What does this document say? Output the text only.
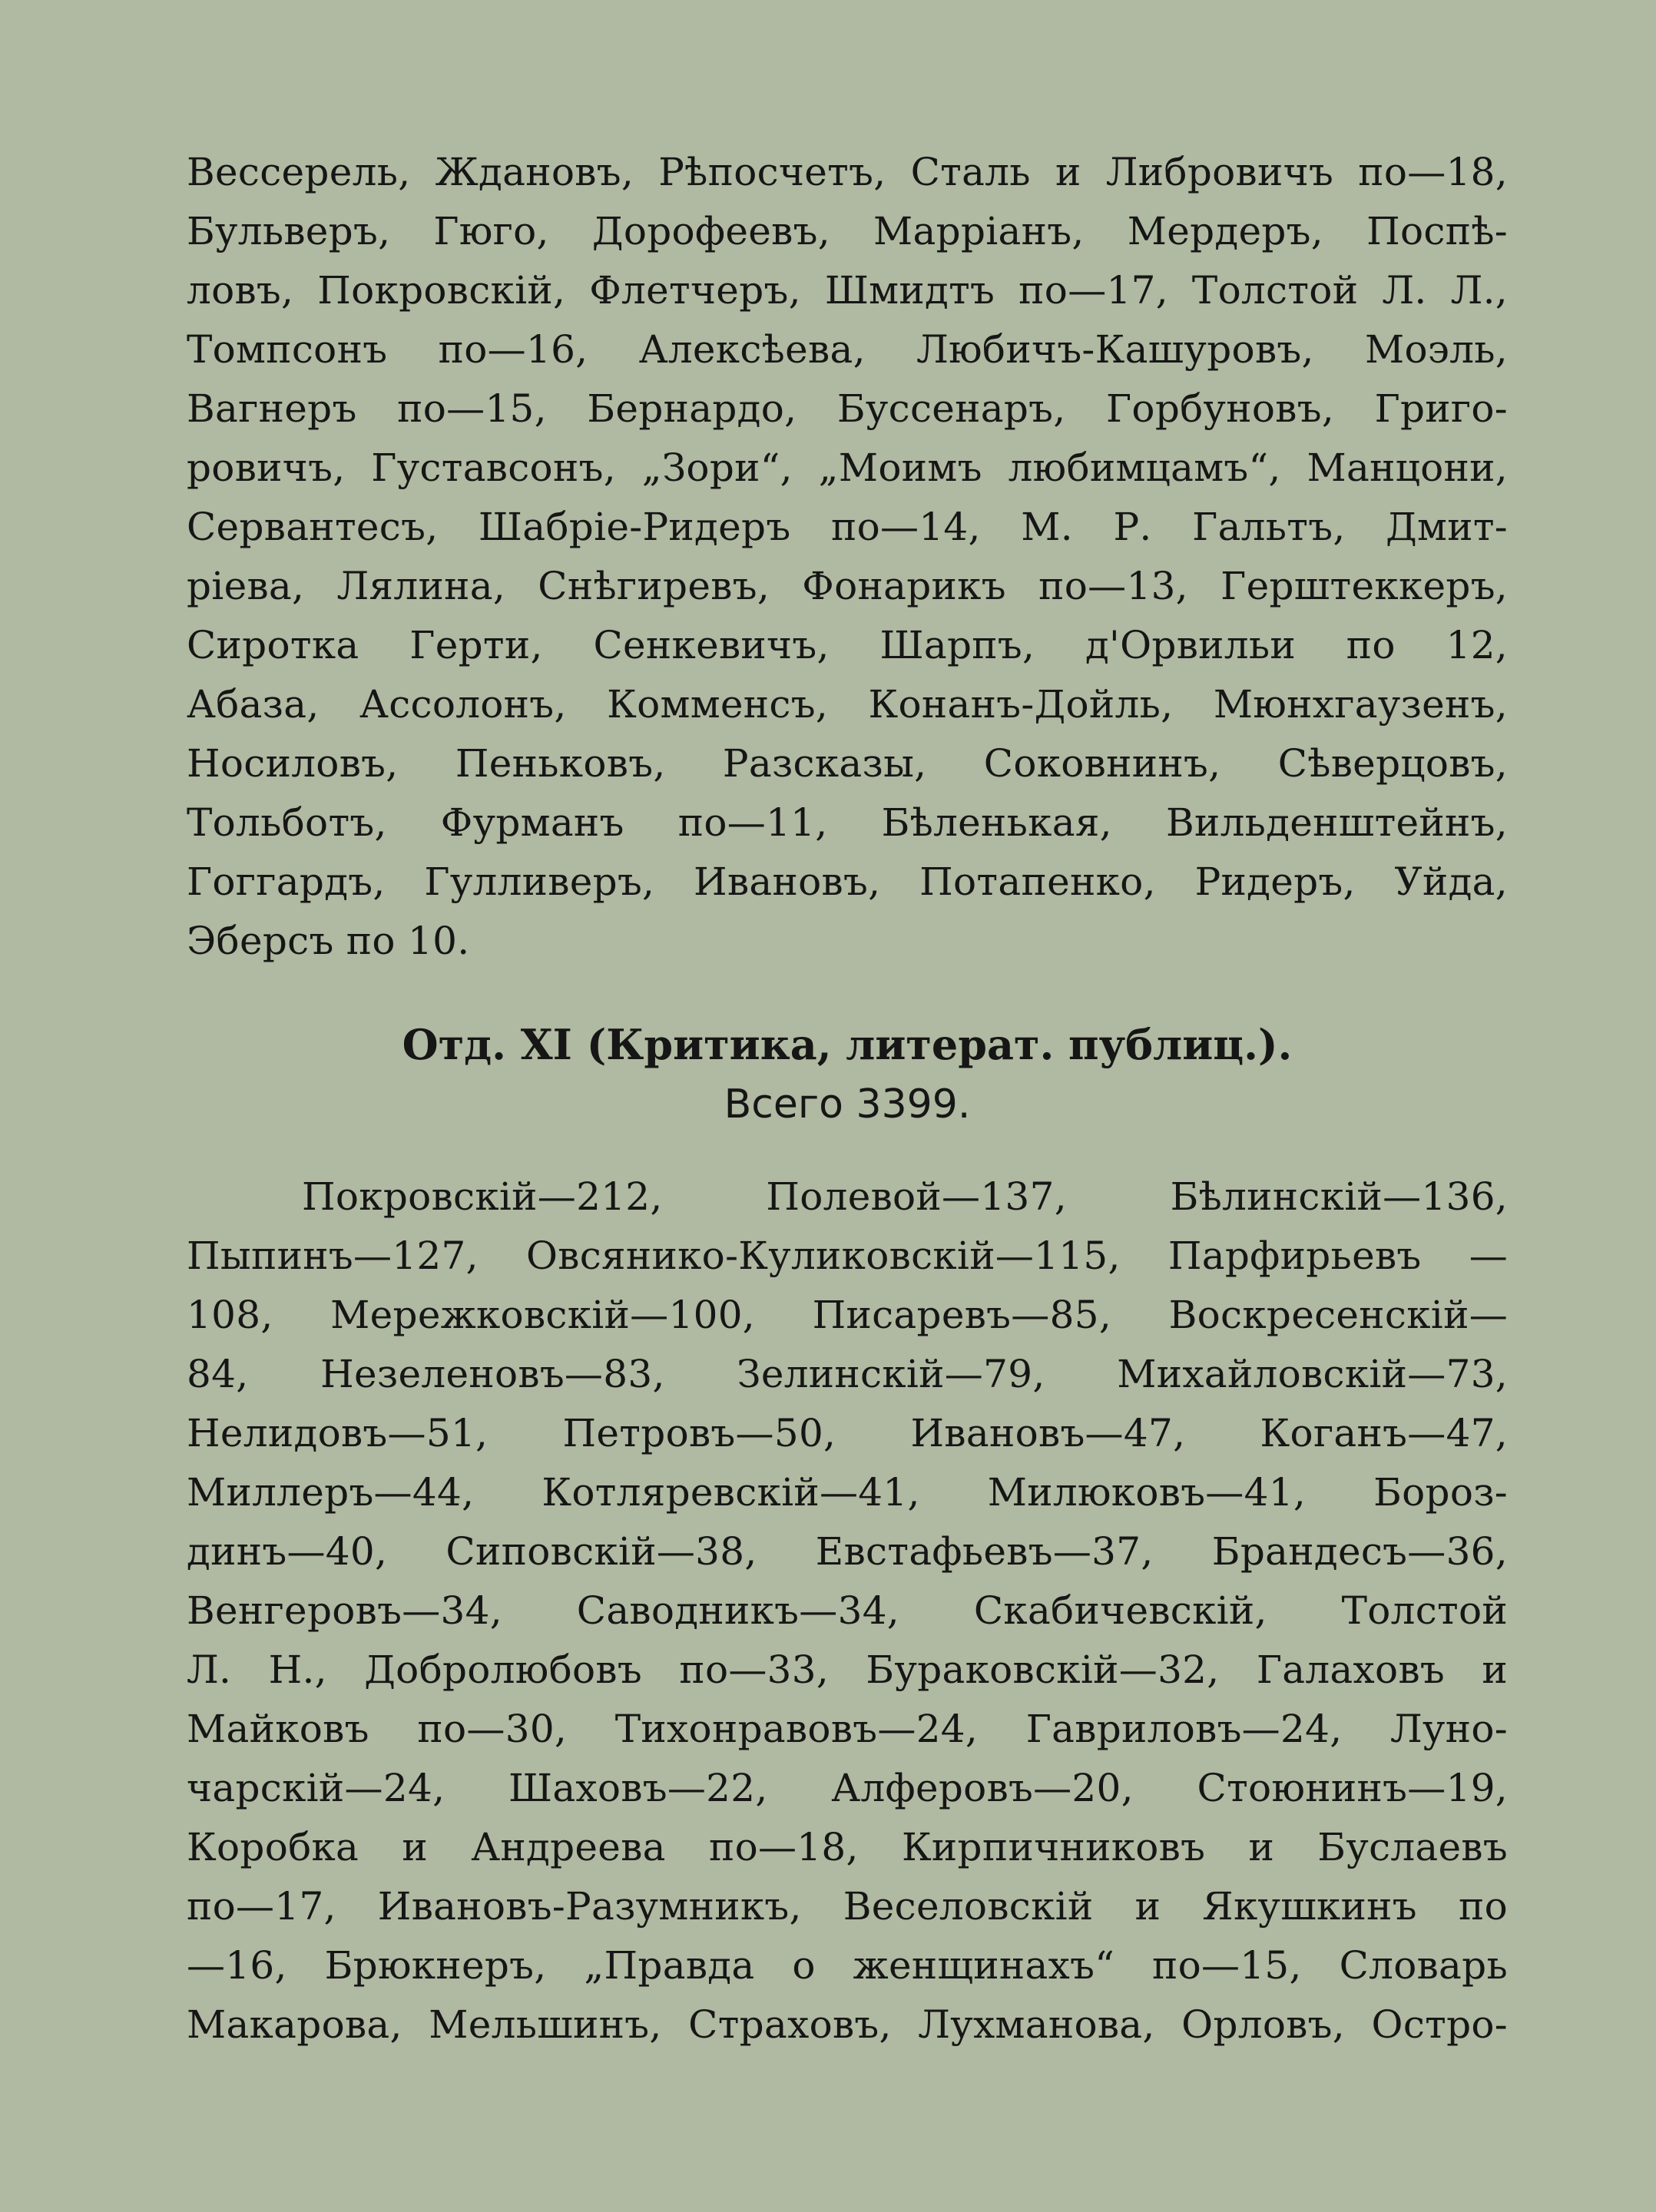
Вессерель, Ждановъ, Рѣпосчетъ, Сталь и Либровичъ по—18,
Бульверъ, Гюго, Дорофеевъ, Марріанъ, Мердеръ, Поспѣ-
ловъ, Покровскій, Флетчеръ, Шмидтъ по—17, Толстой Л. Л.,
Томпсонъ по—16, Алексѣева, Любичъ-Кашуровъ, Моэль,
Вагнеръ по—15, Бернардо, Буссенаръ, Горбуновъ, Григо-
ровичъ, Густавсонъ, „Зори“, „Моимъ любимцамъ“, Манцони,
Сервантесъ, Шабріе-Ридеръ по—14, М. Р. Гальтъ, Дмит-
ріева, Лялина, Снѣгиревъ, Фонарикъ по—13, Герштеккеръ,
Сиротка Герти, Сенкевичъ, Шарпъ, д'Орвильи по 12,
Абаза, Ассолонъ, Комменсъ, Конанъ-Дойль, Мюнхгаузенъ,
Носиловъ, Пеньковъ, Разсказы, Соковнинъ, Сѣверцовъ,
Тольботъ, Фурманъ по—11, Бѣленькая, Вильденштейнъ,
Гоггардъ, Гулливеръ, Ивановъ, Потапенко, Ридеръ, Уйда,
Эберсъ по 10.
Отд. XI (Критика, литерат. публиц.).
Всего 3399.
Покровскій—212, Полевой—137, Бѣлинскій—136,
Пыпинъ—127, Овсянико-Куликовскій—115, Парфирьевъ —
108, Мережковскій—100, Писаревъ—85, Воскресенскій—
84, Незеленовъ—83, Зелинскій—79, Михайловскій—73,
Нелидовъ—51, Петровъ—50, Ивановъ—47, Коганъ—47,
Миллеръ—44, Котляревскій—41, Милюковъ—41, Бороз-
динъ—40, Сиповскій—38, Евстафьевъ—37, Брандесъ—36,
Венгеровъ—34, Саводникъ—34, Скабичевскій, Толстой
Л. Н., Добролюбовъ по—33, Бураковскій—32, Галаховъ и
Майковъ по—30, Тихонравовъ—24, Гавриловъ—24, Луно-
чарскій—24, Шаховъ—22, Алферовъ—20, Стоюнинъ—19,
Коробка и Андреева по—18, Кирпичниковъ и Буслаевъ
по—17, Ивановъ-Разумникъ, Веселовскій и Якушкинъ по
—16, Брюкнеръ, „Правда о женщинахъ“ по—15, Словарь
Макарова, Мельшинъ, Страховъ, Лухманова, Орловъ, Остро-
